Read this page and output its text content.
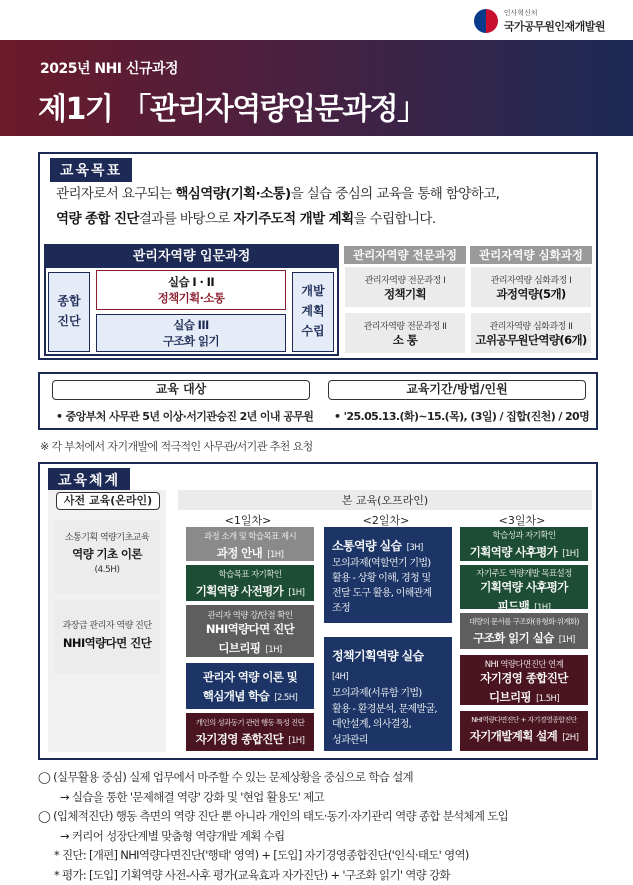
인사혁신처
국가공무원인재개발원
2025년 NHI 신규과정
제1기 「관리자역량입문과정」
교육목표
관리자로서 요구되는 핵심역량(기획·소통)을 실습 중심의 교육을 통해 함양하고,
역량 종합 진단결과를 바탕으로 자기주도적 개발 계획을 수립합니다.
관리자역량 입문과정
종합
진단
실습 I · II
정책기획·소통
실습 III
구조화 읽기
개발
계획
수립
관리자역량 전문과정	관리자역량 심화과정
관리자역량 전문과정 I
정책기획
관리자역량 전문과정 II
소 통
관리자역량 심화과정 I
과정역량(5개)
관리자역량 심화과정 II
고위공무원단역량(6개)
교육 대상
• 중앙부처 사무관 5년 이상·서기관승진 2년 이내 공무원
교육기간/방법/인원
• '25.05.13.(화)~15.(목), (3일) / 집합(진천) / 20명
※ 각 부처에서 자기개발에 적극적인 사무관/서기관 추천 요청
교육체계
사전 교육(온라인)
소통기획 역량기초교육
역량 기초 이론
(4.5H)
과장급 관리자 역량 진단
NHI역량다면 진단
본 교육(오프라인)
<1일차>	<2일차>	<3일차>
과정 소개 및 학습목표 제시
과정 안내 [1H]
학습목표 자기확인
기획역량 사전평가 [1H]
관리자 역량 강/단점 확인
NHI역량다면 진단
디브리핑 [1H]
관리자 역량 이론 및
핵심개념 학습 [2.5H]
개인의 성과동기 관련 행동 특성 진단
자기경영 종합진단 [1H]
소통역량 실습 [3H]
모의과제(역할연기 기법)
활용 - 상황 이해, 경청 및
전달 도구 활용, 이해관계
조정
정책기획역량 실습 [4H]
모의과제(서류함 기법)
활용 - 환경분석, 문제발굴,
대안설계, 의사결정,
성과관리
학습성과 자기확인
기획역량 사후평가 [1H]
자기주도 역량개발 목표설정
기획역량 사후평가
피드백 [1H]
대량의 문서를 구조화(유형화·위계화)
구조화 읽기 실습 [1H]
NHI 역량다면진단 연계
자기경영 종합진단
디브리핑 [1.5H]
NHI역량다면진단 + 자기경영종합진단
자기개발계획 설계 [2H]
◯ (실무활용 중심) 실제 업무에서 마주할 수 있는 문제상황을 중심으로 학습 설계
→ 실습을 통한 '문제해결 역량' 강화 및 '현업 활용도' 제고
◯ (입체적진단) 행동 측면의 역량 진단 뿐 아니라 개인의 태도·동기·자기관리 역량 종합 분석체계 도입
→ 커리어 성장단계별 맞춤형 역량개발 계획 수립
* 진단: [개편] NHI역량다면진단('행태' 영역) + [도입] 자기경영종합진단('인식·태도' 영역)
* 평가: [도입] 기획역량 사전-사후 평가(교육효과 자가진단) + '구조화 읽기' 역량 강화
